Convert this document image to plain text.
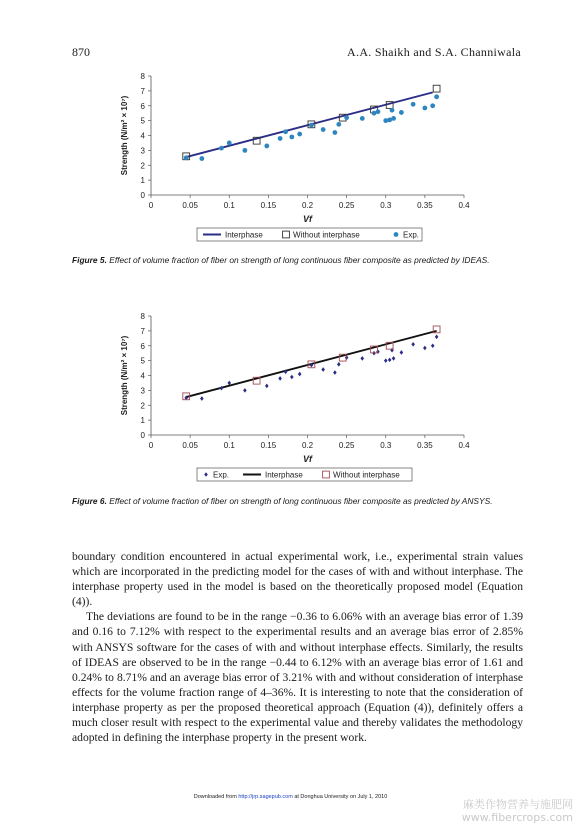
870	A.A. Shaikh and S.A. Channiwala
0
1
2
3
4
5
6
7
8
0	0.05	0.1	0.15	0.2	0.25	0.3	0.35	0.4
Strength (N/m² × 10⁷)
Vf
Interphase	Without interphase	Exp.
Figure 5. Effect of volume fraction of fiber on strength of long continuous fiber composite as predicted by IDEAS.
0
1
2
3
4
5
6
7
8
0	0.05	0.1	0.15	0.2	0.25	0.3	0.35	0.4
Strength (N/m² × 10⁷)
Vf
Exp.	Interphase	Without interphase
Figure 6. Effect of volume fraction of fiber on strength of long continuous fiber composite as predicted by ANSYS.

boundary condition encountered in actual experimental work, i.e., experimental strain values which are incorporated in the predicting model for the cases of with and without interphase. The interphase property used in the model is based on the theoretically proposed model (Equation (4)).

The deviations are found to be in the range −0.36 to 6.06% with an average bias error of 1.39 and 0.16 to 7.12% with respect to the experimental results and an average bias error of 2.85% with ANSYS software for the cases of with and without interphase effects. Similarly, the results of IDEAS are observed to be in the range −0.44 to 6.12% with an average bias error of 1.61 and 0.24% to 8.71% and an average bias error of 3.21% with and without consideration of interphase effects for the volume fraction range of 4–36%. It is interesting to note that the consideration of interphase property as per the proposed theoretical approach (Equation (4)), definitely offers a much closer result with respect to the experimental value and thereby validates the methodology adopted in defining the interphase property in the present work.

Downloaded from http://jrp.sagepub.com at Donghua University on July 1, 2010
麻类作物营养与施肥网
www.fibercrops.com
